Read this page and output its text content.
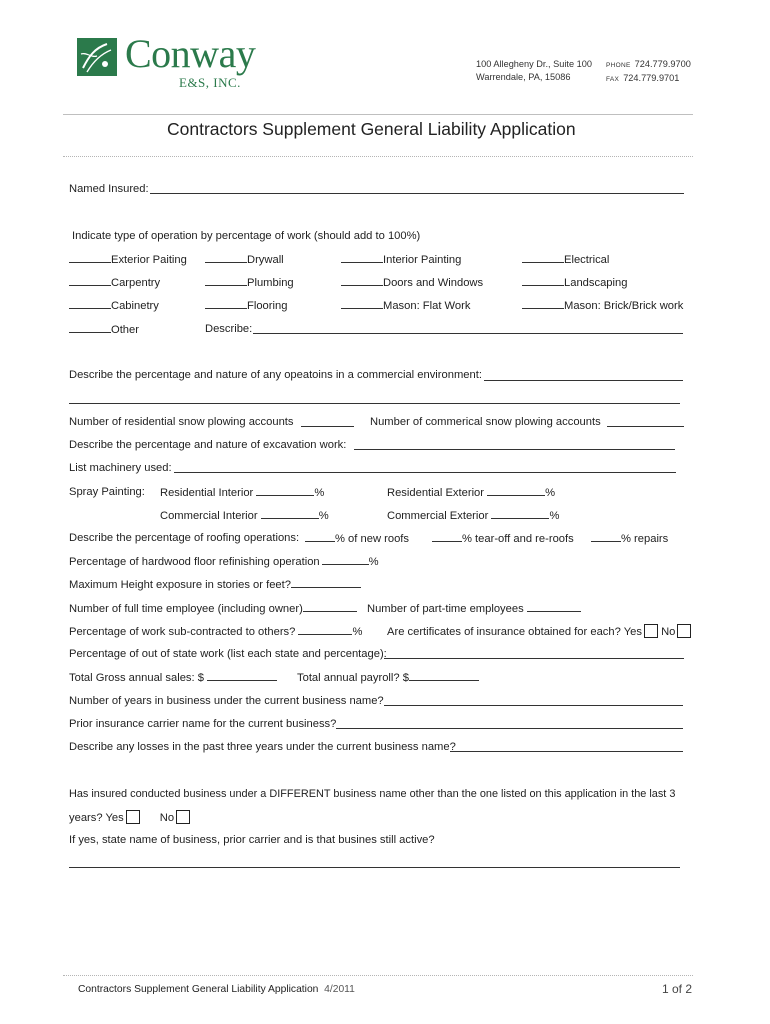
Conway
E&S, INC.
100 Allegheny Dr., Suite 100
Warrendale, PA, 15086
PHONE 724.779.9700
FAX 724.779.9701
Contractors Supplement General Liability Application
Named Insured:
Indicate type of operation by percentage of work (should add to 100%)
Exterior Paiting	Drywall	Interior Painting	Electrical
Carpentry	Plumbing	Doors and Windows	Landscaping
Cabinetry	Flooring	Mason: Flat Work	Mason: Brick/Brick work
Other	Describe:
Describe the percentage and nature of any opeatoins in a commercial environment:
Number of residential snow plowing accounts	Number of commerical snow plowing accounts
Describe the percentage and nature of excavation work:
List machinery used:
Spray Painting: Residential Interior	%	Residential Exterior	%
Commercial Interior	%	Commercial Exterior	%
Describe the percentage of roofing operations:	% of new roofs	% tear-off and re-roofs	% repairs
Percentage of hardwood floor refinishing operation	%
Maximum Height exposure in stories or feet?
Number of full time employee (including owner)	Number of part-time employees
Percentage of work sub-contracted to others?	% Are certificates of insurance obtained for each? Yes No
Percentage of out of state work (list each state and percentage):
Total Gross annual sales: $	Total annual payroll? $
Number of years in business under the current business name?
Prior insurance carrier name for the current business?
Describe any losses in the past three years under the current business name?
Has insured conducted business under a DIFFERENT business name other than the one listed on this application in the last 3
years? Yes	No
If yes, state name of business, prior carrier and is that busines still active?
Contractors Supplement General Liability Application 4/2011	1 of 2
